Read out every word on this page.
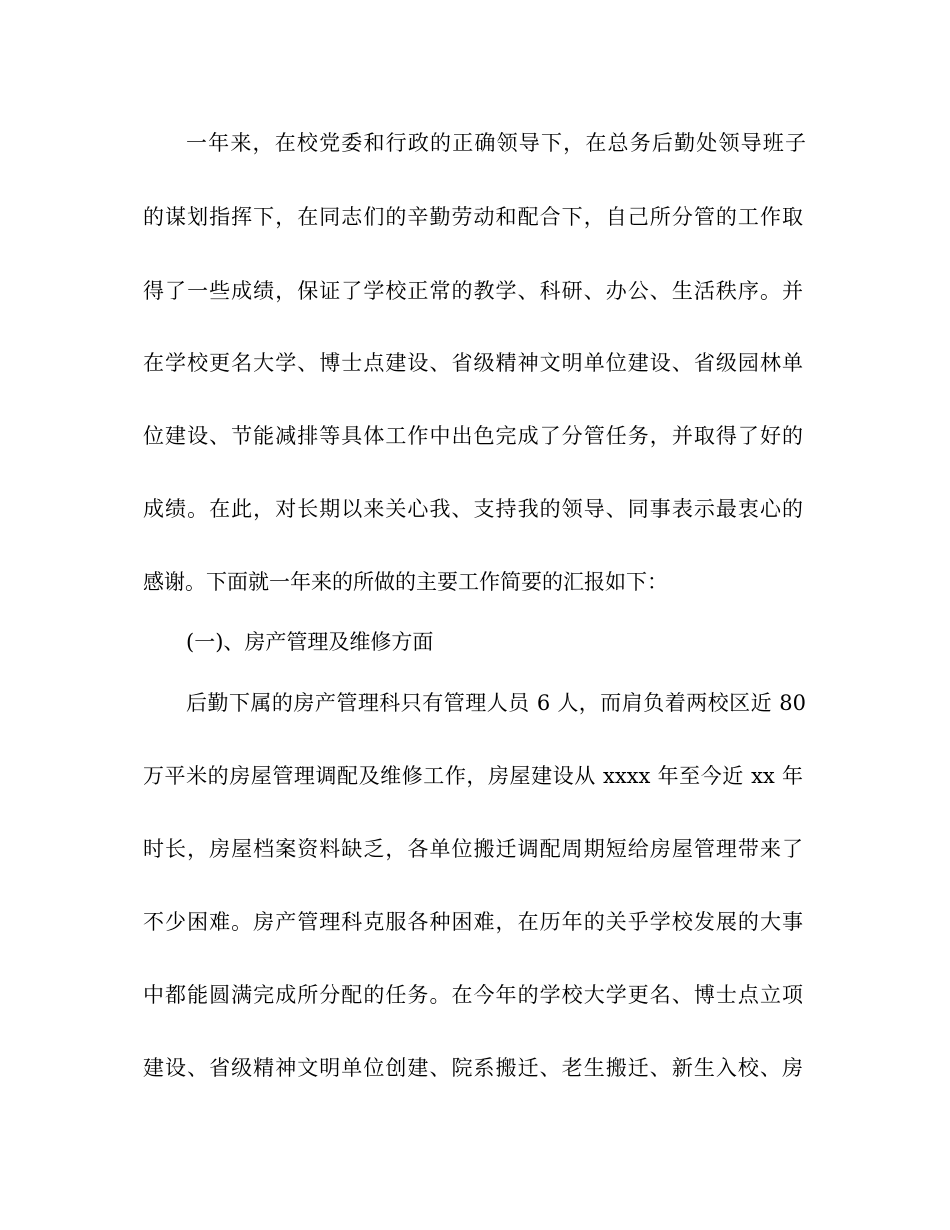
一年来，在校党委和行政的正确领导下，在总务后勤处领导班子
的谋划指挥下，在同志们的辛勤劳动和配合下，自己所分管的工作取
得了一些成绩，保证了学校正常的教学、科研、办公、生活秩序。并
在学校更名大学、博士点建设、省级精神文明单位建设、省级园林单
位建设、节能减排等具体工作中出色完成了分管任务，并取得了好的
成绩。在此，对长期以来关心我、支持我的领导、同事表示最衷心的
感谢。下面就一年来的所做的主要工作简要的汇报如下：
(一)、房产管理及维修方面
后勤下属的房产管理科只有管理人员 6 人，而肩负着两校区近 80
万平米的房屋管理调配及维修工作，房屋建设从 xxxx 年至今近 xx 年
时长，房屋档案资料缺乏，各单位搬迁调配周期短给房屋管理带来了
不少困难。房产管理科克服各种困难，在历年的关乎学校发展的大事
中都能圆满完成所分配的任务。在今年的学校大学更名、博士点立项
建设、省级精神文明单位创建、院系搬迁、老生搬迁、新生入校、房
